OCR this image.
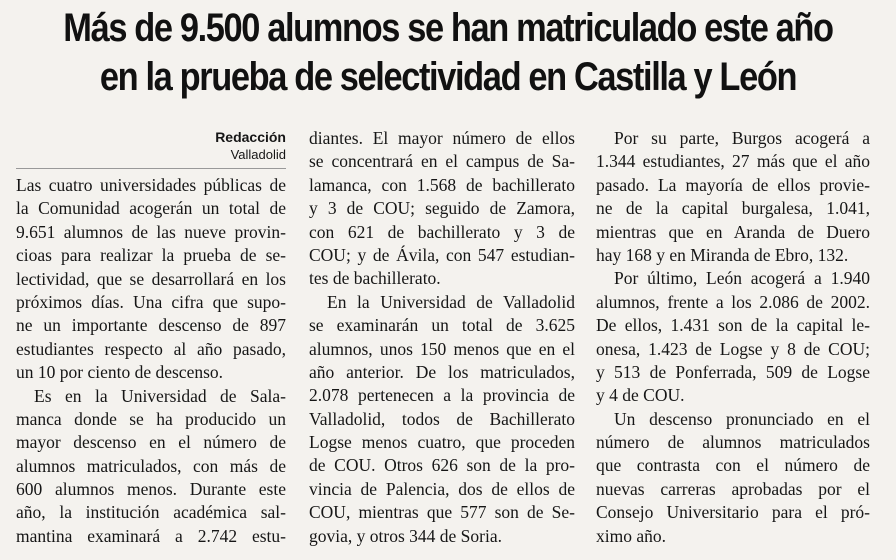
Más de 9.500 alumnos se han matriculado este año
en la prueba de selectividad en Castilla y León
Redacción
Valladolid
Las cuatro universidades públicas de
la Comunidad acogerán un total de
9.651 alumnos de las nueve provin-
cioas para realizar la prueba de se-
lectividad, que se desarrollará en los
próximos días. Una cifra que supo-
ne un importante descenso de 897
estudiantes respecto al año pasado,
un 10 por ciento de descenso.
Es en la Universidad de Sala-
manca donde se ha producido un
mayor descenso en el número de
alumnos matriculados, con más de
600 alumnos menos. Durante este
año, la institución académica sal-
mantina examinará a 2.742 estu-
diantes. El mayor número de ellos
se concentrará en el campus de Sa-
lamanca, con 1.568 de bachillerato
y 3 de COU; seguido de Zamora,
con 621 de bachillerato y 3 de
COU; y de Ávila, con 547 estudian-
tes de bachillerato.
En la Universidad de Valladolid
se examinarán un total de 3.625
alumnos, unos 150 menos que en el
año anterior. De los matriculados,
2.078 pertenecen a la provincia de
Valladolid, todos de Bachillerato
Logse menos cuatro, que proceden
de COU. Otros 626 son de la pro-
vincia de Palencia, dos de ellos de
COU, mientras que 577 son de Se-
govia, y otros 344 de Soria.
Por su parte, Burgos acogerá a
1.344 estudiantes, 27 más que el año
pasado. La mayoría de ellos provie-
ne de la capital burgalesa, 1.041,
mientras que en Aranda de Duero
hay 168 y en Miranda de Ebro, 132.
Por último, León acogerá a 1.940
alumnos, frente a los 2.086 de 2002.
De ellos, 1.431 son de la capital le-
onesa, 1.423 de Logse y 8 de COU;
y 513 de Ponferrada, 509 de Logse
y 4 de COU.
Un descenso pronunciado en el
número de alumnos matriculados
que contrasta con el número de
nuevas carreras aprobadas por el
Consejo Universitario para el pró-
ximo año.
